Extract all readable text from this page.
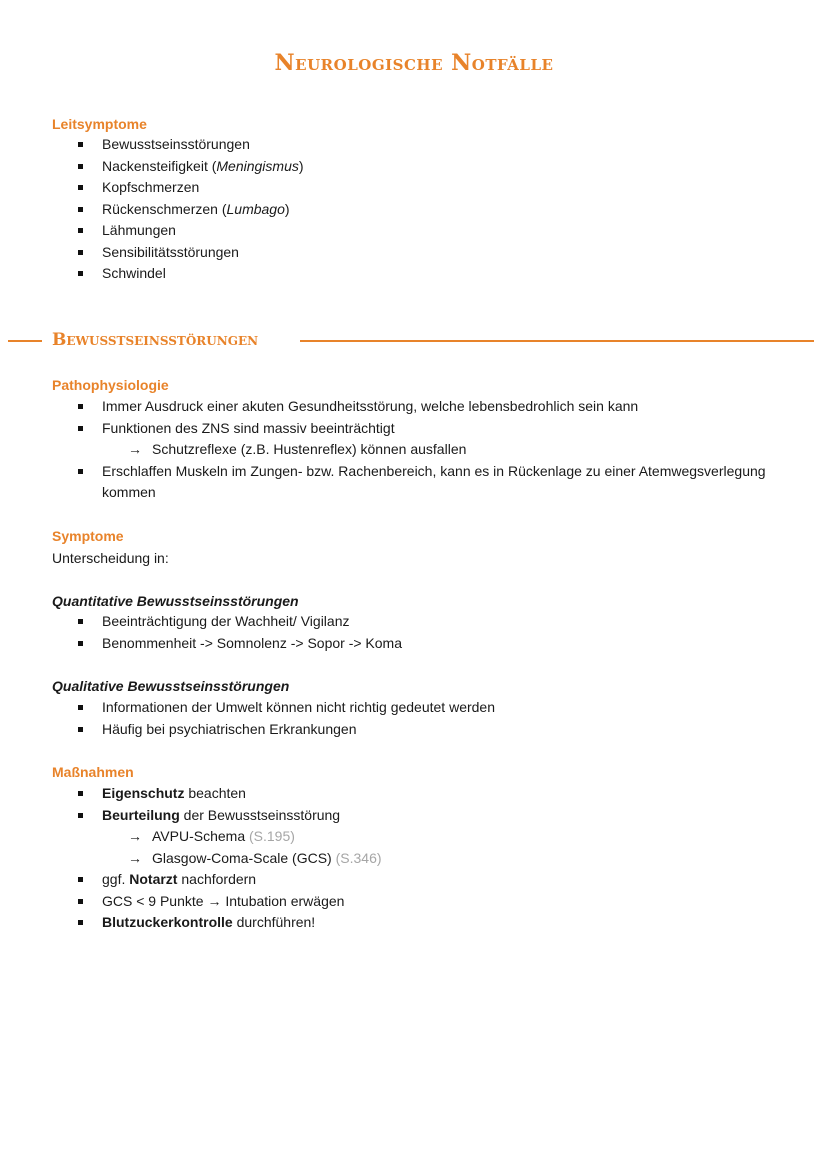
Neurologische Notfälle
Leitsymptome
Bewusstseinsstörungen
Nackensteifigkeit (Meningismus)
Kopfschmerzen
Rückenschmerzen (Lumbago)
Lähmungen
Sensibilitätsstörungen
Schwindel
Bewusstseinsstörungen
Pathophysiologie
Immer Ausdruck einer akuten Gesundheitsstörung, welche lebensbedrohlich sein kann
Funktionen des ZNS sind massiv beeinträchtigt
→ Schutzreflexe (z.B. Hustenreflex) können ausfallen
Erschlaffen Muskeln im Zungen- bzw. Rachenbereich, kann es in Rückenlage zu einer Atemwegsverlegung kommen
Symptome
Unterscheidung in:
Quantitative Bewusstseinsstörungen
Beeinträchtigung der Wachheit/ Vigilanz
Benommenheit -> Somnolenz -> Sopor -> Koma
Qualitative Bewusstseinsstörungen
Informationen der Umwelt können nicht richtig gedeutet werden
Häufig bei psychiatrischen Erkrankungen
Maßnahmen
Eigenschutz beachten
Beurteilung der Bewusstseinsstörung
→ AVPU-Schema (S.195)
→ Glasgow-Coma-Scale (GCS) (S.346)
ggf. Notarzt nachfordern
GCS < 9 Punkte → Intubation erwägen
Blutzuckerkontrolle durchführen!
